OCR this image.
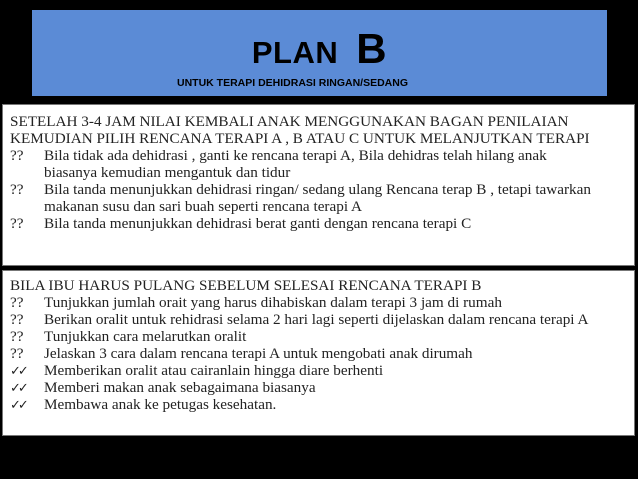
PLAN B
UNTUK TERAPI DEHIDRASI RINGAN/SEDANG
SETELAH 3-4 JAM NILAI KEMBALI ANAK MENGGUNAKAN BAGAN PENILAIAN
KEMUDIAN PILIH RENCANA TERAPI A , B ATAU C UNTUK MELANJUTKAN TERAPI
??	Bila tidak ada dehidrasi , ganti ke rencana terapi A, Bila dehidras telah hilang anak
biasanya kemudian mengantuk dan tidur
??	Bila tanda menunjukkan dehidrasi ringan/ sedang ulang Rencana terap B , tetapi tawarkan
makanan susu dan sari buah seperti rencana terapi A
??	Bila tanda menunjukkan dehidrasi berat ganti dengan rencana terapi C
BILA IBU HARUS PULANG SEBELUM SELESAI RENCANA TERAPI B
??	Tunjukkan jumlah orait yang harus dihabiskan dalam terapi 3 jam di rumah
??	Berikan oralit untuk rehidrasi selama 2 hari lagi seperti dijelaskan dalam rencana terapi A
??	Tunjukkan cara melarutkan oralit
??	Jelaskan 3 cara dalam rencana terapi A untuk mengobati anak dirumah
✓✓	Memberikan oralit atau cairanlain hingga diare berhenti
✓✓	Memberi makan anak sebagaimana biasanya
✓✓	Membawa anak ke petugas kesehatan.
